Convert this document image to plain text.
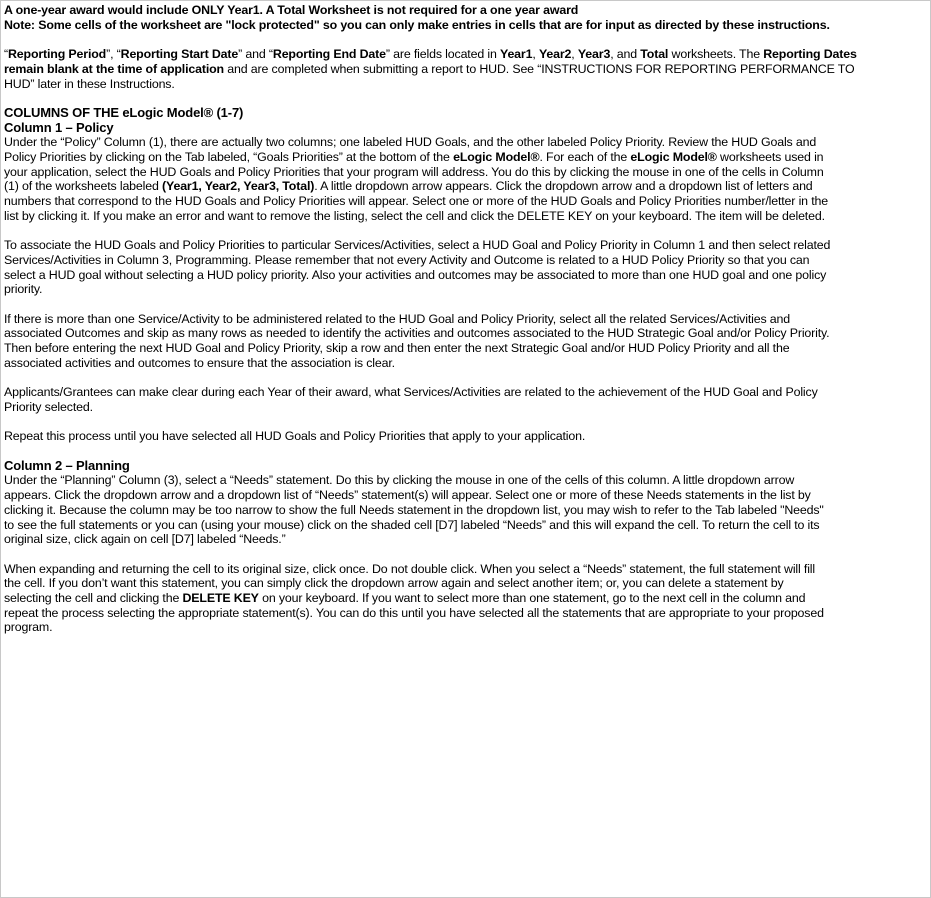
A one-year award would include ONLY Year1. A Total Worksheet is not required for a one year award
Note: Some cells of the worksheet are "lock protected" so you can only make entries in cells that are for input as directed by these instructions.
“Reporting Period”, “Reporting Start Date” and “Reporting End Date” are fields located in Year1, Year2, Year3, and Total worksheets. The Reporting Dates
remain blank at the time of application and are completed when submitting a report to HUD. See “INSTRUCTIONS FOR REPORTING PERFORMANCE TO
HUD” later in these Instructions.
COLUMNS OF THE eLogic Model® (1-7)
Column 1 – Policy
Under the “Policy” Column (1), there are actually two columns; one labeled HUD Goals, and the other labeled Policy Priority. Review the HUD Goals and
Policy Priorities by clicking on the Tab labeled, “Goals Priorities” at the bottom of the eLogic Model®. For each of the eLogic Model® worksheets used in
your application, select the HUD Goals and Policy Priorities that your program will address. You do this by clicking the mouse in one of the cells in Column
(1) of the worksheets labeled (Year1, Year2, Year3, Total). A little dropdown arrow appears. Click the dropdown arrow and a dropdown list of letters and
numbers that correspond to the HUD Goals and Policy Priorities will appear. Select one or more of the HUD Goals and Policy Priorities number/letter in the
list by clicking it. If you make an error and want to remove the listing, select the cell and click the DELETE KEY on your keyboard. The item will be deleted.
To associate the HUD Goals and Policy Priorities to particular Services/Activities, select a HUD Goal and Policy Priority in Column 1 and then select related
Services/Activities in Column 3, Programming. Please remember that not every Activity and Outcome is related to a HUD Policy Priority so that you can
select a HUD goal without selecting a HUD policy priority. Also your activities and outcomes may be associated to more than one HUD goal and one policy
priority.
If there is more than one Service/Activity to be administered related to the HUD Goal and Policy Priority, select all the related Services/Activities and
associated Outcomes and skip as many rows as needed to identify the activities and outcomes associated to the HUD Strategic Goal and/or Policy Priority.
Then before entering the next HUD Goal and Policy Priority, skip a row and then enter the next Strategic Goal and/or HUD Policy Priority and all the
associated activities and outcomes to ensure that the association is clear.
Applicants/Grantees can make clear during each Year of their award, what Services/Activities are related to the achievement of the HUD Goal and Policy
Priority selected.
Repeat this process until you have selected all HUD Goals and Policy Priorities that apply to your application.
Column 2 – Planning
Under the “Planning” Column (3), select a “Needs” statement. Do this by clicking the mouse in one of the cells of this column. A little dropdown arrow
appears. Click the dropdown arrow and a dropdown list of “Needs” statement(s) will appear. Select one or more of these Needs statements in the list by
clicking it. Because the column may be too narrow to show the full Needs statement in the dropdown list, you may wish to refer to the Tab labeled "Needs"
to see the full statements or you can (using your mouse) click on the shaded cell [D7] labeled “Needs” and this will expand the cell. To return the cell to its
original size, click again on cell [D7] labeled “Needs.”
When expanding and returning the cell to its original size, click once. Do not double click. When you select a “Needs” statement, the full statement will fill
the cell. If you don’t want this statement, you can simply click the dropdown arrow again and select another item; or, you can delete a statement by
selecting the cell and clicking the DELETE KEY on your keyboard. If you want to select more than one statement, go to the next cell in the column and
repeat the process selecting the appropriate statement(s). You can do this until you have selected all the statements that are appropriate to your proposed
program.
